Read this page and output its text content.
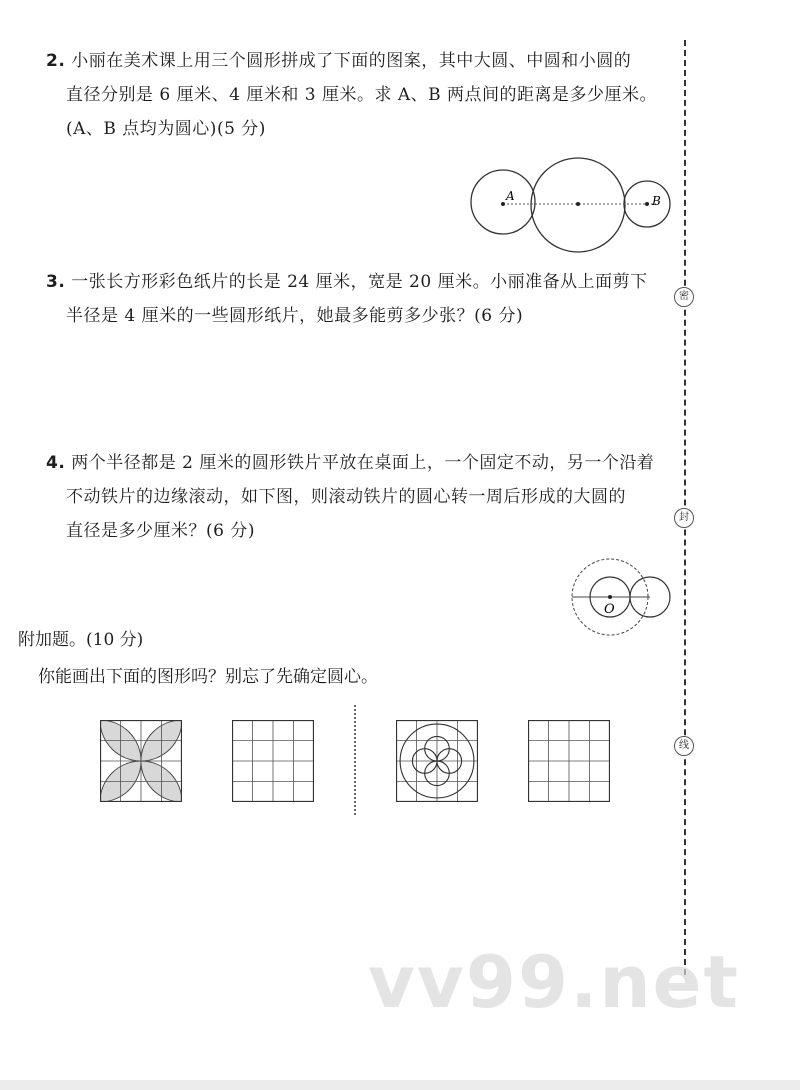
2. 小丽在美术课上用三个圆形拼成了下面的图案，其中大圆、中圆和小圆的

直径分别是 6 厘米、4 厘米和 3 厘米。求 A、B 两点间的距离是多少厘米。

(A、B 点均为圆心)(5 分)

A	B

3. 一张长方形彩色纸片的长是 24 厘米，宽是 20 厘米。小丽准备从上面剪下

半径是 4 厘米的一些圆形纸片，她最多能剪多少张？(6 分)

4. 两个半径都是 2 厘米的圆形铁片平放在桌面上，一个固定不动，另一个沿着

不动铁片的边缘滚动，如下图，则滚动铁片的圆心转一周后形成的大圆的

直径是多少厘米？(6 分)

O
附加题。(10 分)
你能画出下面的图形吗？别忘了先确定圆心。
密
封
线
vv99.net
